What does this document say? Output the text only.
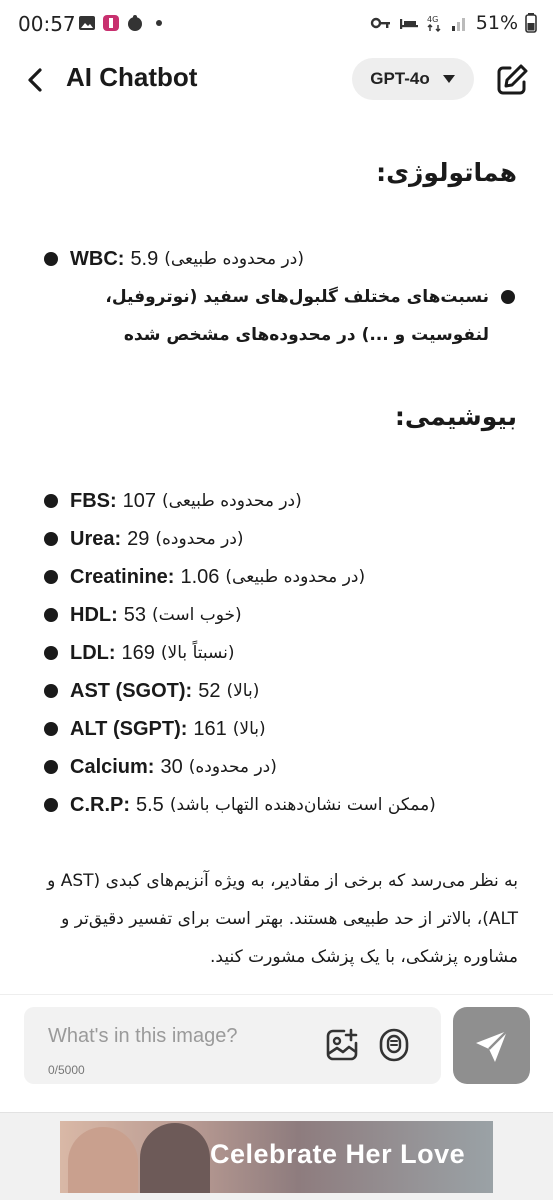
00:57	4G 51%
AI Chatbot	GPT-4o
هماتولوژی:
WBC: 5.9 (در محدوده طبیعی)

نسبت‌های مختلف گلبول‌های سفید (نوتروفیل، لنفوسیت و ...) در محدوده‌های مشخص شده

بیوشیمی:
FBS: 107 (در محدوده طبیعی)
Urea: 29 (در محدوده)
Creatinine: 1.06 (در محدوده طبیعی)
HDL: 53 (خوب است)
LDL: 169 (نسبتاً بالا)
AST (SGOT): 52 (بالا)
ALT (SGPT): 161 (بالا)
Calcium: 30 (در محدوده)
C.R.P: 5.5 (ممکن است نشان‌دهنده التهاب باشد)
به نظر می‌رسد که برخی از مقادیر، به ویژه آنزیم‌های کبدی (AST و ALT)، بالاتر از حد طبیعی هستند. بهتر است برای تفسیر دقیق‌تر و مشاوره پزشکی، با یک پزشک مشورت کنید.
What's in this image?
0/5000
Celebrate Her Love
